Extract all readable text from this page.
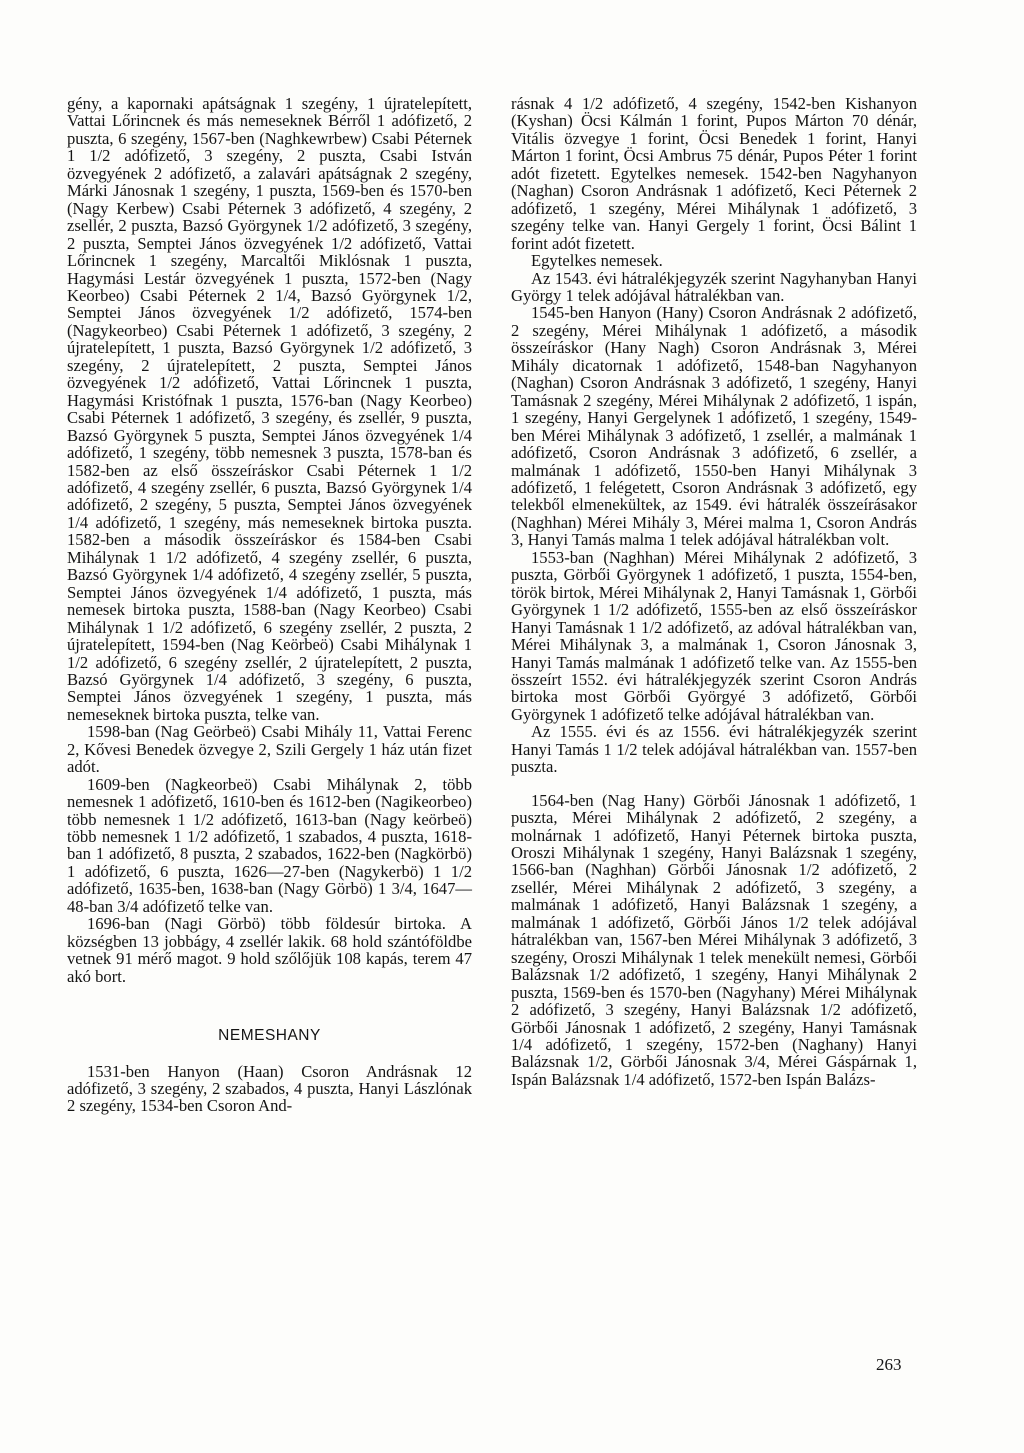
gény, a kapornaki apátságnak 1 szegény, 1 újratelepített, Vattai Lőrincnek és más nemeseknek Bérről 1 adófizető, 2 puszta, 6 szegény, 1567-ben (Naghkewrbew) Csabi Péternek 1 1/2 adófizető, 3 szegény, 2 puszta, Csabi István özvegyének 2 adófizető, a zalavári apátságnak 2 szegény, Márki Jánosnak 1 szegény, 1 puszta, 1569-ben és 1570-ben (Nagy Kerbew) Csabi Péternek 3 adófizető, 4 szegény, 2 zsellér, 2 puszta, Bazsó Györgynek 1/2 adófizető, 3 szegény, 2 puszta, Semptei János özvegyének 1/2 adófizető, Vattai Lőrincnek 1 szegény, Marcaltői Miklósnak 1 puszta, Hagymási Lestár özvegyének 1 puszta, 1572-ben (Nagy Keorbeo) Csabi Péternek 2 1/4, Bazsó Györgynek 1/2, Semptei János özvegyének 1/2 adófizető, 1574-ben (Nagykeorbeo) Csabi Péternek 1 adófizető, 3 szegény, 2 újratelepített, 1 puszta, Bazsó Györgynek 1/2 adófizető, 3 szegény, 2 újratelepített, 2 puszta, Semptei János özvegyének 1/2 adófizető, Vattai Lőrincnek 1 puszta, Hagymási Kristófnak 1 puszta, 1576-ban (Nagy Keorbeo) Csabi Péternek 1 adófizető, 3 szegény, és zsellér, 9 puszta, Bazsó Györgynek 5 puszta, Semptei János özvegyének 1/4 adófizető, 1 szegény, több nemesnek 3 puszta, 1578-ban és 1582-ben az első összeíráskor Csabi Péternek 1 1/2 adófizető, 4 szegény zsellér, 6 puszta, Bazsó Györgynek 1/4 adófizető, 2 szegény, 5 puszta, Semptei János özvegyének 1/4 adófizető, 1 szegény, más nemeseknek birtoka puszta. 1582-ben a második összeíráskor és 1584-ben Csabi Mihálynak 1 1/2 adófizető, 4 szegény zsellér, 6 puszta, Bazsó Györgynek 1/4 adófizető, 4 szegény zsellér, 5 puszta, Semptei János özvegyének 1/4 adófizető, 1 puszta, más nemesek birtoka puszta, 1588-ban (Nagy Keorbeo) Csabi Mihálynak 1 1/2 adófizető, 6 szegény zsellér, 2 puszta, 2 újratelepített, 1594-ben (Nag Keörbeö) Csabi Mihálynak 1 1/2 adófizető, 6 szegény zsellér, 2 újratelepített, 2 puszta, Bazsó Györgynek 1/4 adófizető, 3 szegény, 6 puszta, Semptei János özvegyének 1 szegény, 1 puszta, más nemeseknek birtoka puszta, telke van.

1598-ban (Nag Geörbeö) Csabi Mihály 11, Vattai Ferenc 2, Kővesi Benedek özvegye 2, Szili Gergely 1 ház után fizet adót.

1609-ben (Nagkeorbeö) Csabi Mihálynak 2, több nemesnek 1 adófizető, 1610-ben és 1612-ben (Nagikeorbeo) több nemesnek 1 1/2 adófizető, 1613-ban (Nagy keörbeö) több nemesnek 1 1/2 adófizető, 1 szabados, 4 puszta, 1618-ban 1 adófizető, 8 puszta, 2 szabados, 1622-ben (Nagkörbö) 1 adófizető, 6 puszta, 1626—27-ben (Nagykerbö) 1 1/2 adófizető, 1635-ben, 1638-ban (Nagy Görbö) 1 3/4, 1647—48-ban 3/4 adófizető telke van.

1696-ban (Nagi Görbö) több földesúr birtoka. A községben 13 jobbágy, 4 zsellér lakik. 68 hold szántóföldbe vetnek 91 mérő magot. 9 hold szőlőjük 108 kapás, terem 47 akó bort.

NEMESHANY

1531-ben Hanyon (Haan) Csoron Andrásnak 12 adófizető, 3 szegény, 2 szabados, 4 puszta, Hanyi Lászlónak 2 szegény, 1534-ben Csoron And-

rásnak 4 1/2 adófizető, 4 szegény, 1542-ben Kishanyon (Kyshan) Öcsi Kálmán 1 forint, Pupos Márton 70 dénár, Vitális özvegye 1 forint, Öcsi Benedek 1 forint, Hanyi Márton 1 forint, Öcsi Ambrus 75 dénár, Pupos Péter 1 forint adót fizetett. Egytelkes nemesek. 1542-ben Nagyhanyon (Naghan) Csoron Andrásnak 1 adófizető, Keci Péternek 2 adófizető, 1 szegény, Mérei Mihálynak 1 adófizető, 3 szegény telke van. Hanyi Gergely 1 forint, Öcsi Bálint 1 forint adót fizetett.

Egytelkes nemesek.

Az 1543. évi hátralékjegyzék szerint Nagyhanyban Hanyi György 1 telek adójával hátralékban van.

1545-ben Hanyon (Hany) Csoron Andrásnak 2 adófizető, 2 szegény, Mérei Mihálynak 1 adófizető, a második összeíráskor (Hany Nagh) Csoron Andrásnak 3, Mérei Mihály dicatornak 1 adófizető, 1548-ban Nagyhanyon (Naghan) Csoron Andrásnak 3 adófizető, 1 szegény, Hanyi Tamásnak 2 szegény, Mérei Mihálynak 2 adófizető, 1 ispán, 1 szegény, Hanyi Gergelynek 1 adófizető, 1 szegény, 1549-ben Mérei Mihálynak 3 adófizető, 1 zsellér, a malmának 1 adófizető, Csoron Andrásnak 3 adófizető, 6 zsellér, a malmának 1 adófizető, 1550-ben Hanyi Mihálynak 3 adófizető, 1 felégetett, Csoron Andrásnak 3 adófizető, egy telekből elmenekültek, az 1549. évi hátralék összeírásakor (Naghhan) Mérei Mihály 3, Mérei malma 1, Csoron András 3, Hanyi Tamás malma 1 telek adójával hátralékban volt.

1553-ban (Naghhan) Mérei Mihálynak 2 adófizető, 3 puszta, Görbői Györgynek 1 adófizető, 1 puszta, 1554-ben, török birtok, Mérei Mihálynak 2, Hanyi Tamásnak 1, Görbői Györgynek 1 1/2 adófizető, 1555-ben az első összeíráskor Hanyi Tamásnak 1 1/2 adófizető, az adóval hátralékban van, Mérei Mihálynak 3, a malmának 1, Csoron Jánosnak 3, Hanyi Tamás malmának 1 adófizető telke van. Az 1555-ben összeírt 1552. évi hátralékjegyzék szerint Csoron András birtoka most Görbői Györgyé 3 adófizető, Görbői Györgynek 1 adófizető telke adójával hátralékban van.

Az 1555. évi és az 1556. évi hátralékjegyzék szerint Hanyi Tamás 1 1/2 telek adójával hátralékban van. 1557-ben puszta.

1564-ben (Nag Hany) Görbői Jánosnak 1 adófizető, 1 puszta, Mérei Mihálynak 2 adófizető, 2 szegény, a molnárnak 1 adófizető, Hanyi Péternek birtoka puszta, Oroszi Mihálynak 1 szegény, Hanyi Balázsnak 1 szegény, 1566-ban (Naghhan) Görbői Jánosnak 1/2 adófizető, 2 zsellér, Mérei Mihálynak 2 adófizető, 3 szegény, a malmának 1 adófizető, Hanyi Balázsnak 1 szegény, a malmának 1 adófizető, Görbői János 1/2 telek adójával hátralékban van, 1567-ben Mérei Mihálynak 3 adófizető, 3 szegény, Oroszi Mihálynak 1 telek menekült nemesi, Görbői Balázsnak 1/2 adófizető, 1 szegény, Hanyi Mihálynak 2 puszta, 1569-ben és 1570-ben (Nagyhany) Mérei Mihálynak 2 adófizető, 3 szegény, Hanyi Balázsnak 1/2 adófizető, Görbői Jánosnak 1 adófizető, 2 szegény, Hanyi Tamásnak 1/4 adófizető, 1 szegény, 1572-ben (Naghany) Hanyi Balázsnak 1/2, Görbői Jánosnak 3/4, Mérei Gáspárnak 1, Ispán Balázsnak 1/4 adófizető, 1572-ben Ispán Balázs-

263
